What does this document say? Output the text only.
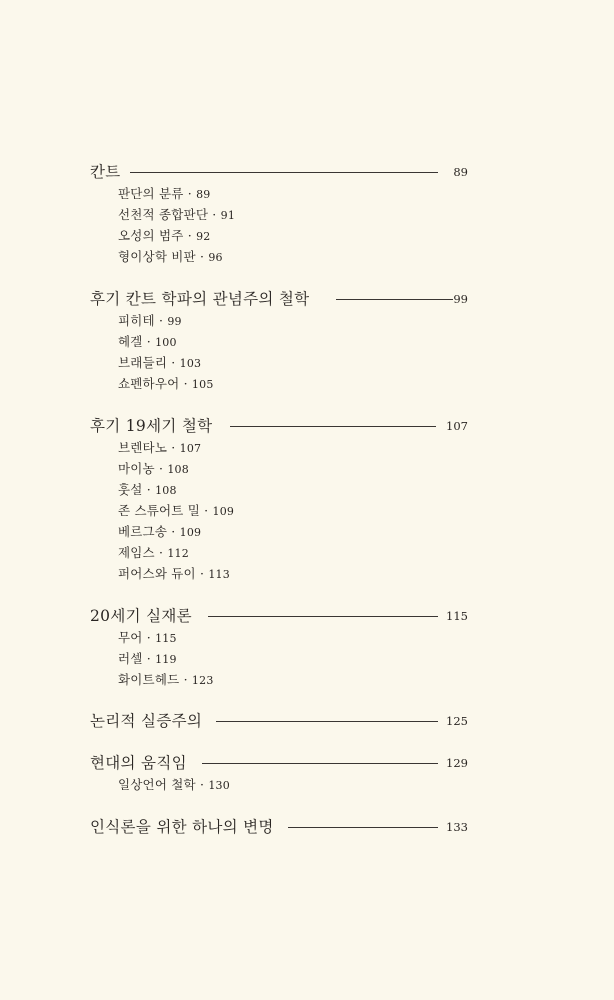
칸트	89
판단의 분류 · 89
선천적 종합판단 · 91
오성의 범주 · 92
형이상학 비판 · 96
후기 칸트 학파의 관념주의 철학	99
피히테 · 99
헤겔 · 100
브래들리 · 103
쇼펜하우어 · 105
후기 19세기 철학	107
브렌타노 · 107
마이농 · 108
훗설 · 108
존 스튜어트 밀 · 109
베르그송 · 109
제임스 · 112
퍼어스와 듀이 · 113
20세기 실재론	115
무어 · 115
러셀 · 119
화이트헤드 · 123
논리적 실증주의	125
현대의 움직임	129
일상언어 철학 · 130
인식론을 위한 하나의 변명	133
